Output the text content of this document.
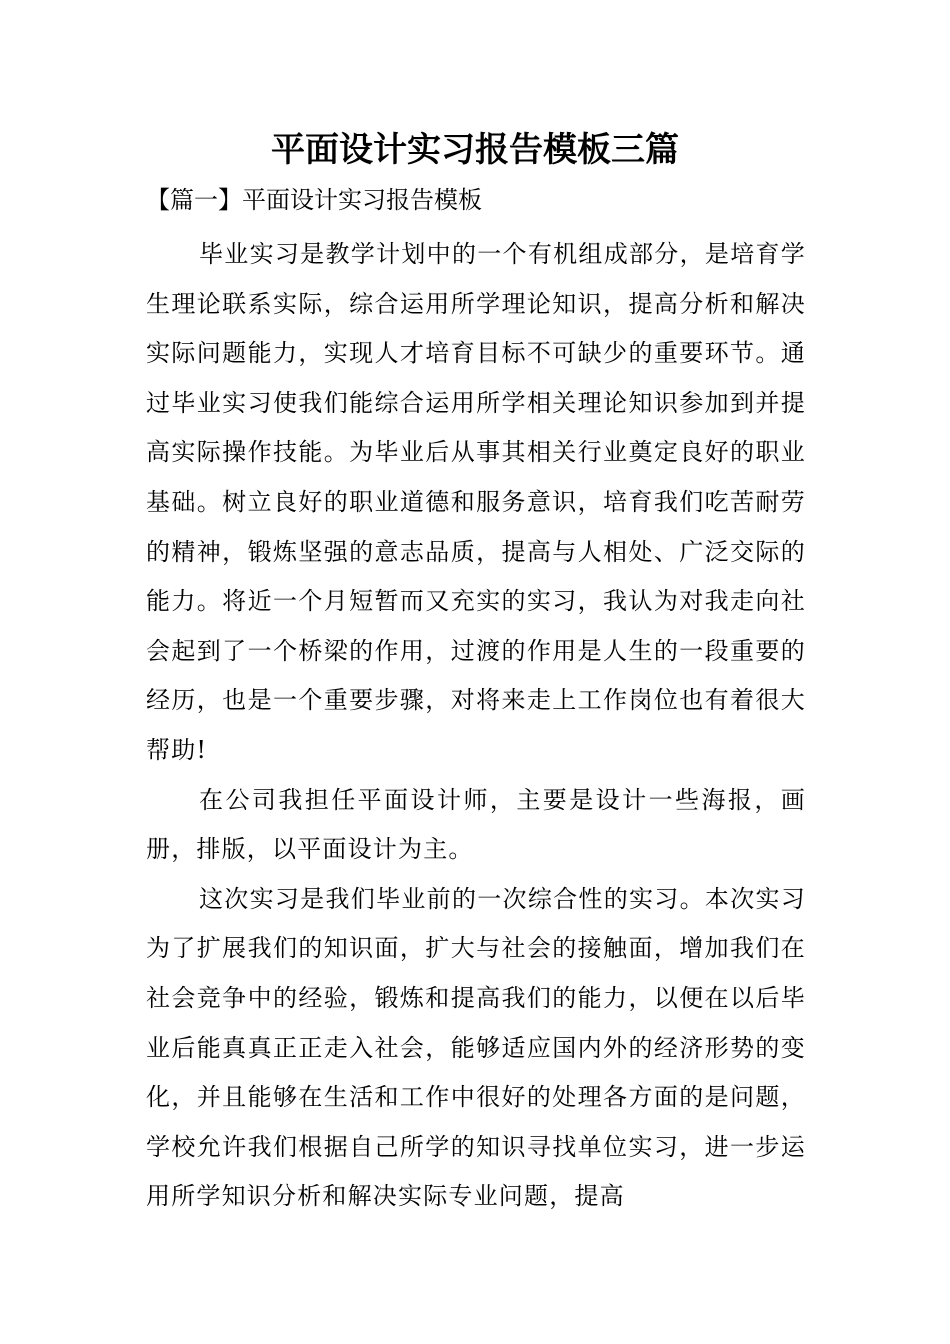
平面设计实习报告模板三篇
【篇一】平面设计实习报告模板

毕业实习是教学计划中的一个有机组成部分，是培育学生理论联系实际，综合运用所学理论知识，提高分析和解决实际问题能力，实现人才培育目标不可缺少的重要环节。通过毕业实习使我们能综合运用所学相关理论知识参加到并提高实际操作技能。为毕业后从事其相关行业奠定良好的职业基础。树立良好的职业道德和服务意识，培育我们吃苦耐劳的精神，锻炼坚强的意志品质，提高与人相处、广泛交际的能力。将近一个月短暂而又充实的实习，我认为对我走向社会起到了一个桥梁的作用，过渡的作用是人生的一段重要的经历，也是一个重要步骤，对将来走上工作岗位也有着很大帮助!

在公司我担任平面设计师，主要是设计一些海报，画册，排版，以平面设计为主。

这次实习是我们毕业前的一次综合性的实习。本次实习为了扩展我们的知识面，扩大与社会的接触面，增加我们在社会竞争中的经验，锻炼和提高我们的能力，以便在以后毕业后能真真正正走入社会，能够适应国内外的经济形势的变化，并且能够在生活和工作中很好的处理各方面的是问题，学校允许我们根据自己所学的知识寻找单位实习，进一步运用所学知识分析和解决实际专业问题，提高
